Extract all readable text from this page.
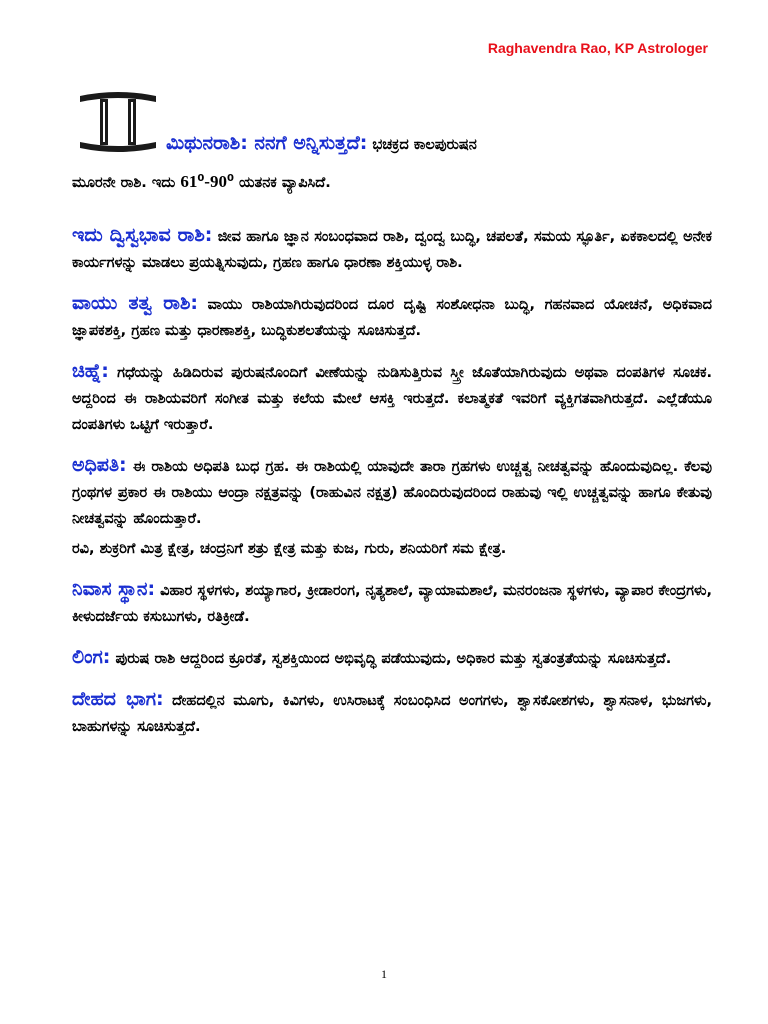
Raghavendra Rao, KP Astrologer
ಮಿಥುನರಾಶಿ: ನನಗೆ ಅನ್ನಿಸುತ್ತದೆ: ಭಚಕ್ರದ ಕಾಲಪುರುಷನ
ಮೂರನೇ ರಾಶಿ. ಇದು $61^0-90^0$ ಯತನಕ ವ್ಯಾಪಿಸಿದೆ.

ಇದು ದ್ವಿಸ್ವಭಾವ ರಾಶಿ: ಜೀವ ಹಾಗೂ ಜ್ಞಾನ ಸಂಬಂಧವಾದ ರಾಶಿ, ದ್ವಂದ್ವ ಬುದ್ಧಿ, ಚಪಲತೆ, ಸಮಯ ಸ್ಫೂರ್ತಿ, ಏಕಕಾಲದಲ್ಲಿ ಅನೇಕ ಕಾರ್ಯಗಳನ್ನು ಮಾಡಲು ಪ್ರಯತ್ನಿಸುವುದು, ಗ್ರಹಣ ಹಾಗೂ ಧಾರಣಾ ಶಕ್ತಿಯುಳ್ಳ ರಾಶಿ.

ವಾಯು ತತ್ವ ರಾಶಿ: ವಾಯು ರಾಶಿಯಾಗಿರುವುದರಿಂದ ದೂರ ದೃಷ್ಟಿ ಸಂಶೋಧನಾ ಬುದ್ಧಿ, ಗಹನವಾದ ಯೋಚನೆ, ಅಧಿಕವಾದ ಜ್ಞಾಪಕಶಕ್ತಿ, ಗ್ರಹಣ ಮತ್ತು ಧಾರಣಾಶಕ್ತಿ, ಬುದ್ಧಿಕುಶಲತೆಯನ್ನು ಸೂಚಿಸುತ್ತದೆ.

ಚಿಹ್ನೆ: ಗಧೆಯನ್ನು ಹಿಡಿದಿರುವ ಪುರುಷನೊಂದಿಗೆ ವೀಣೆಯನ್ನು ನುಡಿಸುತ್ತಿರುವ ಸ್ತ್ರೀ ಜೊತೆಯಾಗಿರುವುದು ಅಥವಾ ದಂಪತಿಗಳ ಸೂಚಕ. ಅದ್ದರಿಂದ ಈ ರಾಶಿಯವರಿಗೆ ಸಂಗೀತ ಮತ್ತು ಕಲೆಯ ಮೇಲೆ ಆಸಕ್ತಿ ಇರುತ್ತದೆ. ಕಲಾತ್ಮಕತೆ ಇವರಿಗೆ ವ್ಯಕ್ತಿಗತವಾಗಿರುತ್ತದೆ. ಎಲ್ಲೆಡೆಯೂ ದಂಪತಿಗಳು ಒಟ್ಟಿಗೆ ಇರುತ್ತಾರೆ.

ಅಧಿಪತಿ: ಈ ರಾಶಿಯ ಅಧಿಪತಿ ಬುಧ ಗ್ರಹ. ಈ ರಾಶಿಯಲ್ಲಿ ಯಾವುದೇ ತಾರಾ ಗ್ರಹಗಳು ಉಚ್ಚತ್ವ ನೀಚತ್ವವನ್ನು ಹೊಂದುವುದಿಲ್ಲ. ಕೆಲವು ಗ್ರಂಥಗಳ ಪ್ರಕಾರ ಈ ರಾಶಿಯು ಆಂದ್ರಾ ನಕ್ಷತ್ರವನ್ನು (ರಾಹುವಿನ ನಕ್ಷತ್ರ) ಹೊಂದಿರುವುದರಿಂದ ರಾಹುವು ಇಲ್ಲಿ ಉಚ್ಚತ್ವವನ್ನು ಹಾಗೂ ಕೇತುವು ನೀಚತ್ವವನ್ನು ಹೊಂದುತ್ತಾರೆ.

ರವಿ, ಶುಕ್ರರಿಗೆ ಮಿತ್ರ ಕ್ಷೇತ್ರ, ಚಂದ್ರನಿಗೆ ಶತ್ರು ಕ್ಷೇತ್ರ ಮತ್ತು ಕುಜ, ಗುರು, ಶನಿಯರಿಗೆ ಸಮ ಕ್ಷೇತ್ರ.

ನಿವಾಸ ಸ್ಥಾನ: ವಿಹಾರ ಸ್ಥಳಗಳು, ಶಯ್ಯಾಗಾರ, ಕ್ರೀಡಾರಂಗ, ನೃತ್ಯಶಾಲೆ, ವ್ಯಾಯಾಮಶಾಲೆ, ಮನರಂಜನಾ ಸ್ಥಳಗಳು, ವ್ಯಾಪಾರ ಕೇಂದ್ರಗಳು, ಕೀಳುದರ್ಜೆಯ ಕಸುಬುಗಳು, ರತಿಕ್ರೀಡೆ.

ಲಿಂಗ: ಪುರುಷ ರಾಶಿ ಆದ್ದರಿಂದ ಕ್ರೂರತೆ, ಸ್ವಶಕ್ತಿಯಿಂದ ಅಭಿವೃದ್ಧಿ ಪಡೆಯುವುದು, ಅಧಿಕಾರ ಮತ್ತು ಸ್ವತಂತ್ರತೆಯನ್ನು ಸೂಚಿಸುತ್ತದೆ.

ದೇಹದ ಭಾಗ: ದೇಹದಲ್ಲಿನ ಮೂಗು, ಕಿವಿಗಳು, ಉಸಿರಾಟಕ್ಕೆ ಸಂಬಂಧಿಸಿದ ಅಂಗಗಳು, ಶ್ವಾಸಕೋಶಗಳು, ಶ್ವಾಸನಾಳ, ಭುಜಗಳು, ಬಾಹುಗಳನ್ನು ಸೂಚಿಸುತ್ತದೆ.

1
